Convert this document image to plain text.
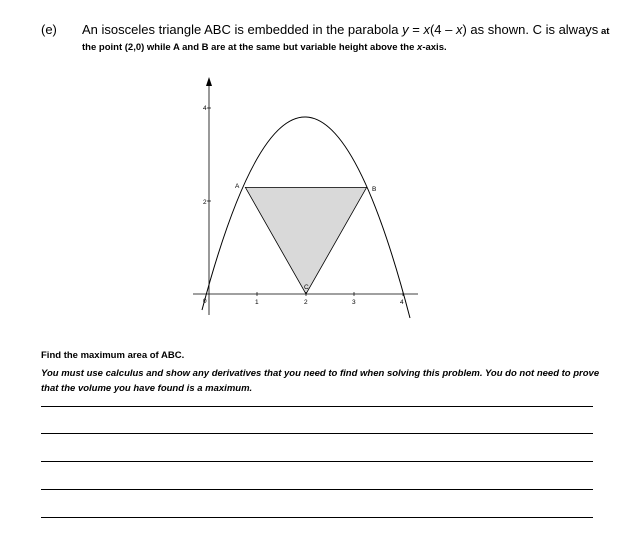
(e) An isosceles triangle ABC is embedded in the parabola y = x(4 – x) as shown. C is always at
the point (2,0) while A and B are at the same but variable height above the x-axis.
4
2
0	1	2	3	4
A	B
C
Find the maximum area of ABC.
You must use calculus and show any derivatives that you need to find when solving this problem. You do not need to prove that the volume you have found is a maximum.
